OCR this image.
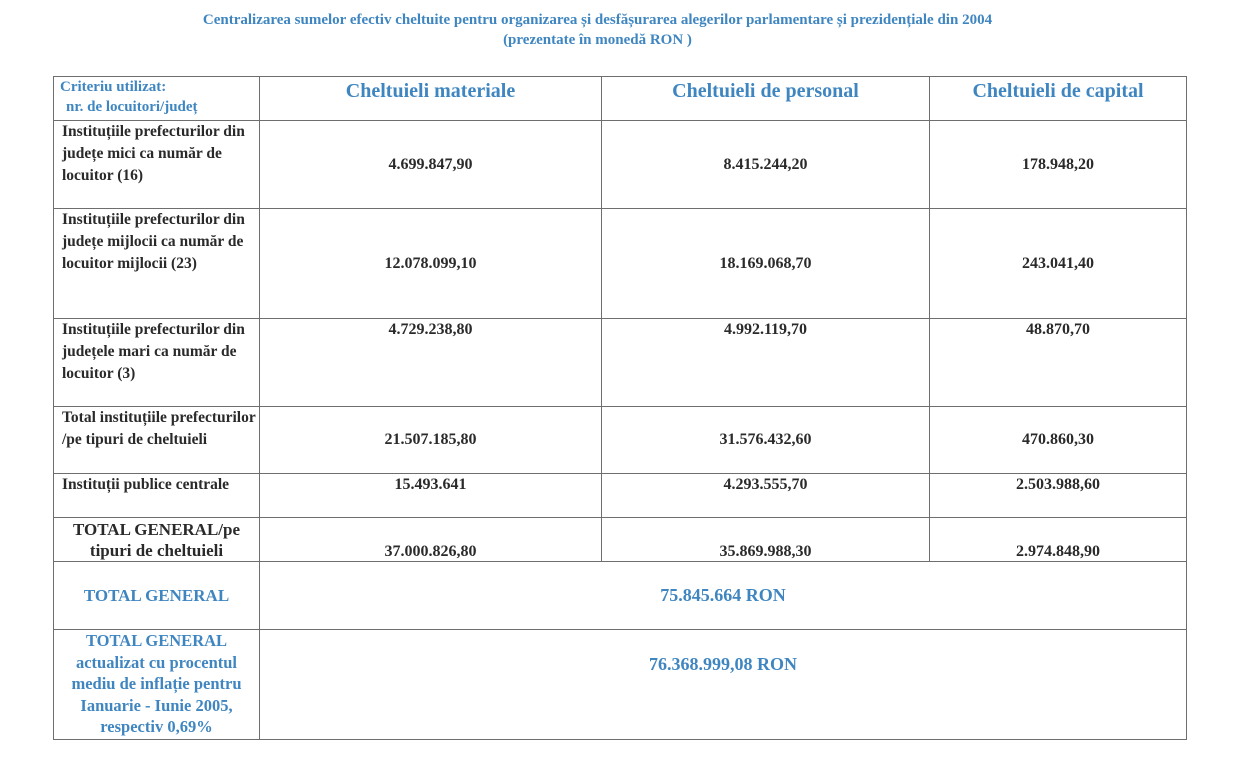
Centralizarea sumelor efectiv cheltuite pentru organizarea și desfășurarea alegerilor parlamentare și prezidențiale din 2004
(prezentate în monedă RON )
Criteriu utilizat:
nr. de locuitori/județ	Cheltuieli materiale	Cheltuieli de personal	Cheltuieli de capital
Instituțiile prefecturilor din județe mici ca număr de locuitor (16)	4.699.847,90	8.415.244,20	178.948,20
Instituțiile prefecturilor din județe mijlocii ca număr de locuitor mijlocii (23)	12.078.099,10	18.169.068,70	243.041,40
Instituțiile prefecturilor din județele mari ca număr de locuitor (3)	4.729.238,80	4.992.119,70	48.870,70
Total instituțiile prefecturilor /pe tipuri de cheltuieli	21.507.185,80	31.576.432,60	470.860,30
Instituții publice centrale	15.493.641	4.293.555,70	2.503.988,60
TOTAL GENERAL/pe tipuri de cheltuieli	37.000.826,80	35.869.988,30	2.974.848,90
TOTAL GENERAL	75.845.664 RON		
TOTAL GENERAL actualizat cu procentul mediu de inflație pentru Ianuarie - Iunie 2005, respectiv 0,69%	76.368.999,08 RON		
